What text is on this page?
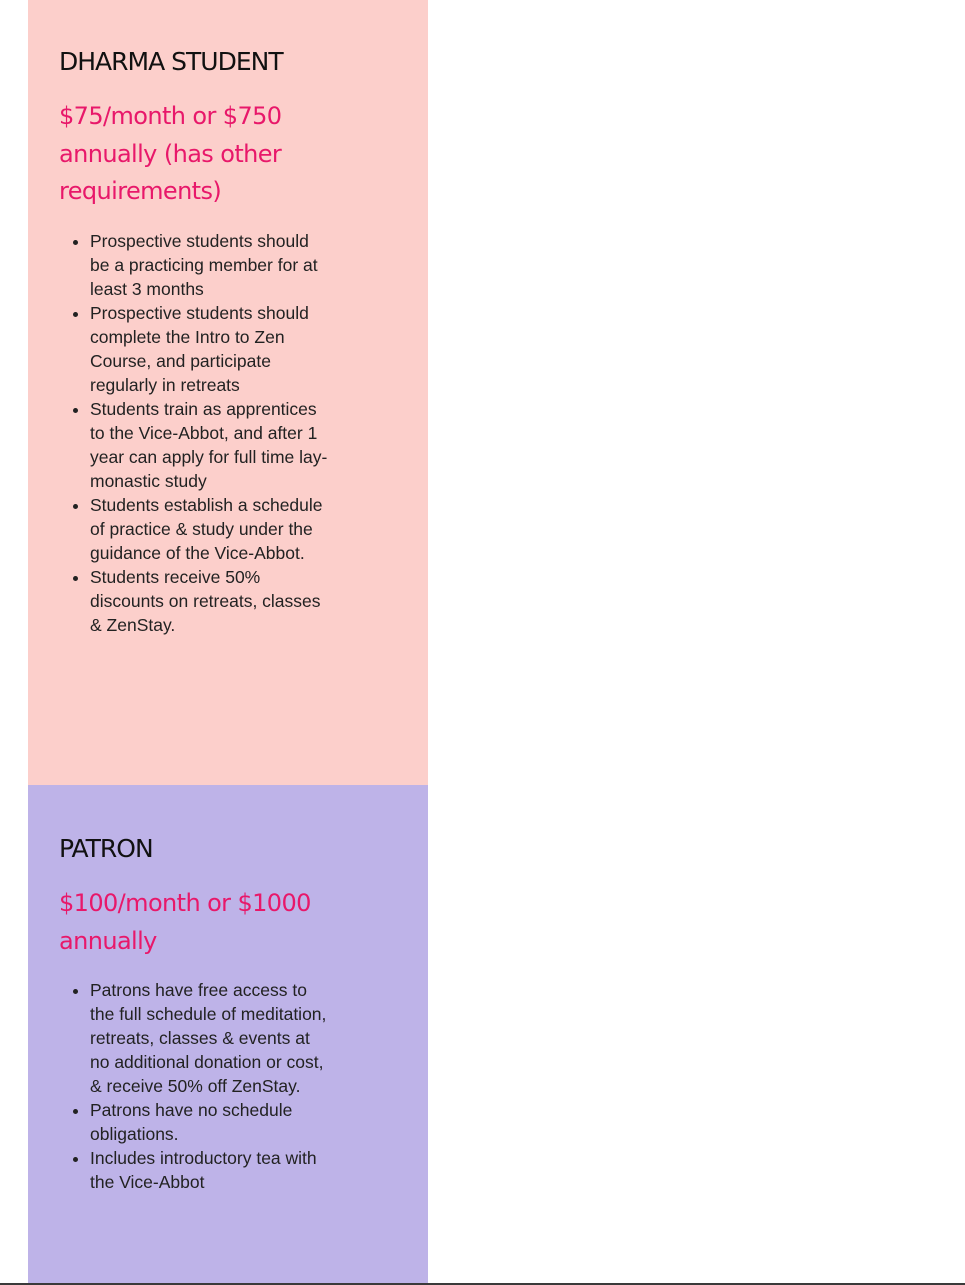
DHARMA STUDENT

$75/month or $750 annually (has other requirements)

• Prospective students should be a practicing member for at least 3 months
• Prospective students should complete the Intro to Zen Course, and participate regularly in retreats
• Students train as apprentices to the Vice-Abbot, and after 1 year can apply for full time lay-monastic study
• Students establish a schedule of practice & study under the guidance of the Vice-Abbot.
• Students receive 50% discounts on retreats, classes & ZenStay.
PATRON

$100/month or $1000 annually

• Patrons have free access to the full schedule of meditation, retreats, classes & events at no additional donation or cost, & receive 50% off ZenStay.
• Patrons have no schedule obligations.
• Includes introductory tea with the Vice-Abbot
